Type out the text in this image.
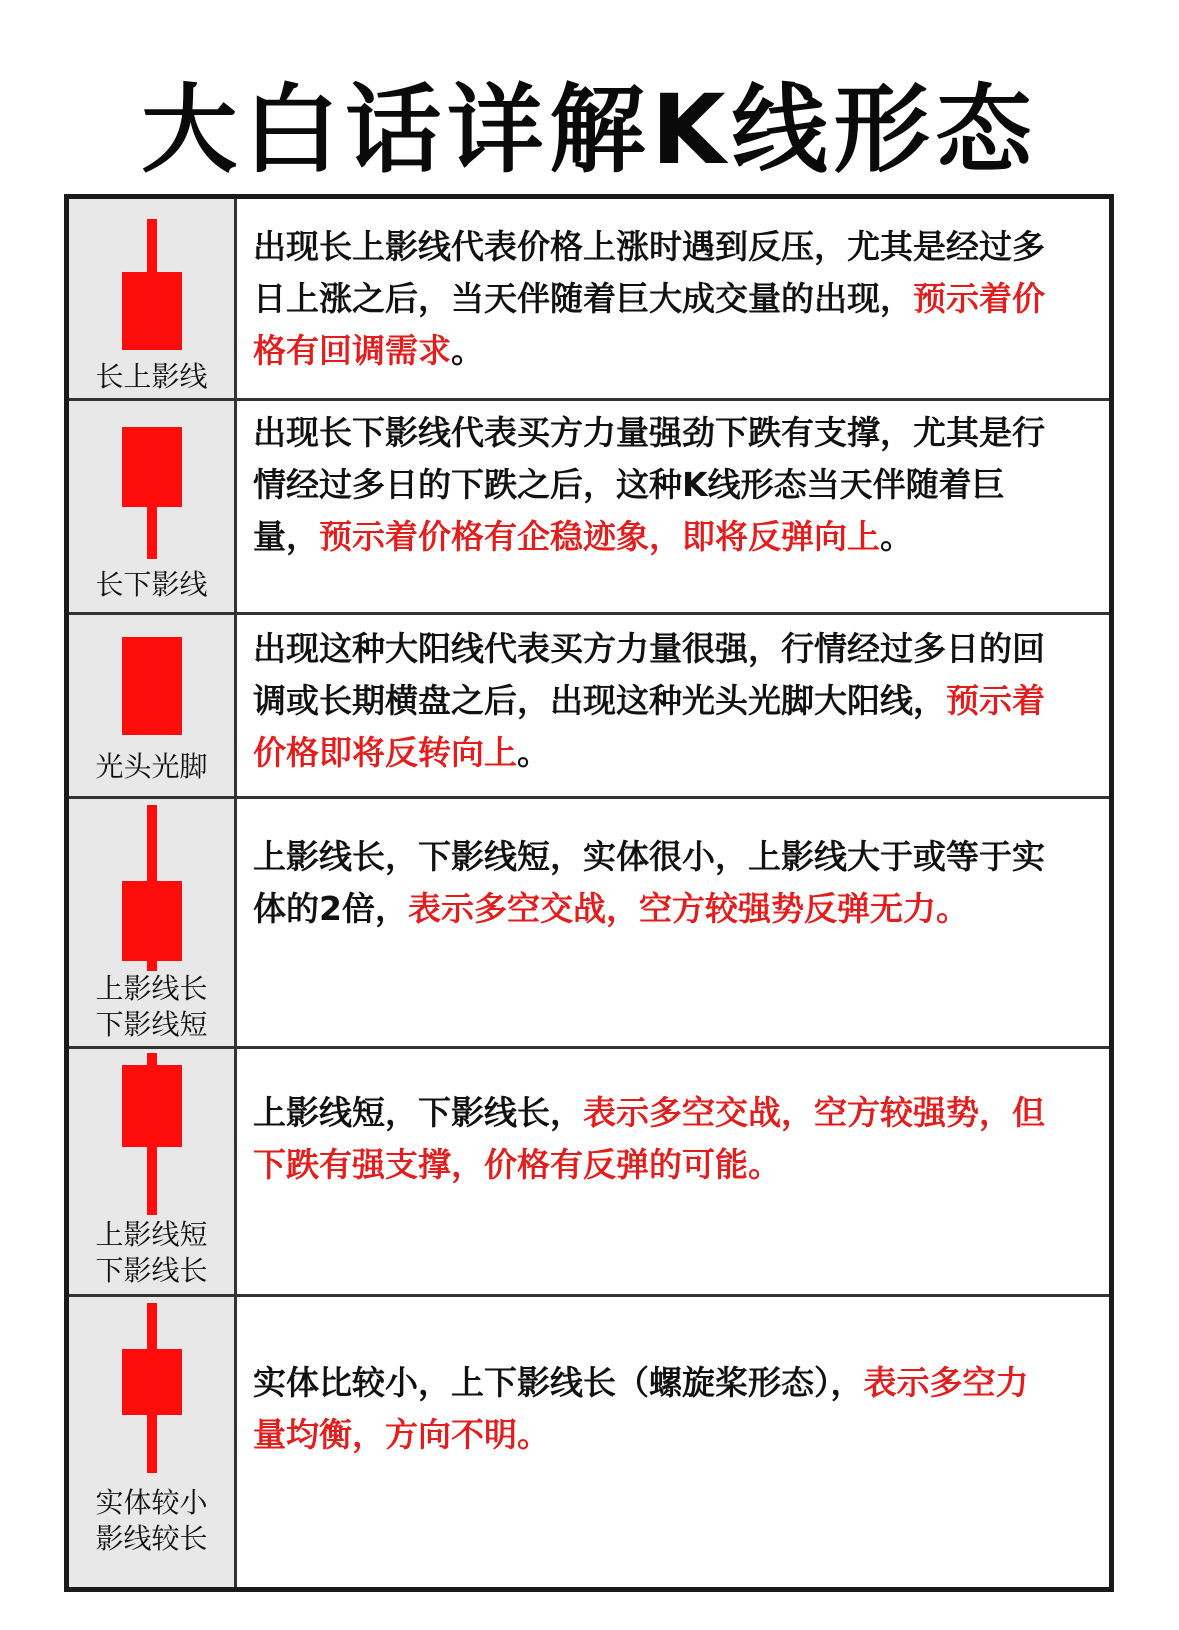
大白话详解K线形态
长上影线
出现长上影线代表价格上涨时遇到反压，尤其是经过多日上涨之后，当天伴随着巨大成交量的出现，预示着价格有回调需求。
长下影线
出现长下影线代表买方力量强劲下跌有支撑，尤其是行情经过多日的下跌之后，这种K线形态当天伴随着巨量，预示着价格有企稳迹象，即将反弹向上。
光头光脚
出现这种大阳线代表买方力量很强，行情经过多日的回调或长期横盘之后，出现这种光头光脚大阳线，预示着价格即将反转向上。
上影线长
下影线短
上影线长，下影线短，实体很小，上影线大于或等于实体的2倍，表示多空交战，空方较强势反弹无力。
上影线短
下影线长
上影线短，下影线长，表示多空交战，空方较强势，但下跌有强支撑，价格有反弹的可能。
实体较小
影线较长
实体比较小，上下影线长（螺旋桨形态），表示多空力量均衡，方向不明。
